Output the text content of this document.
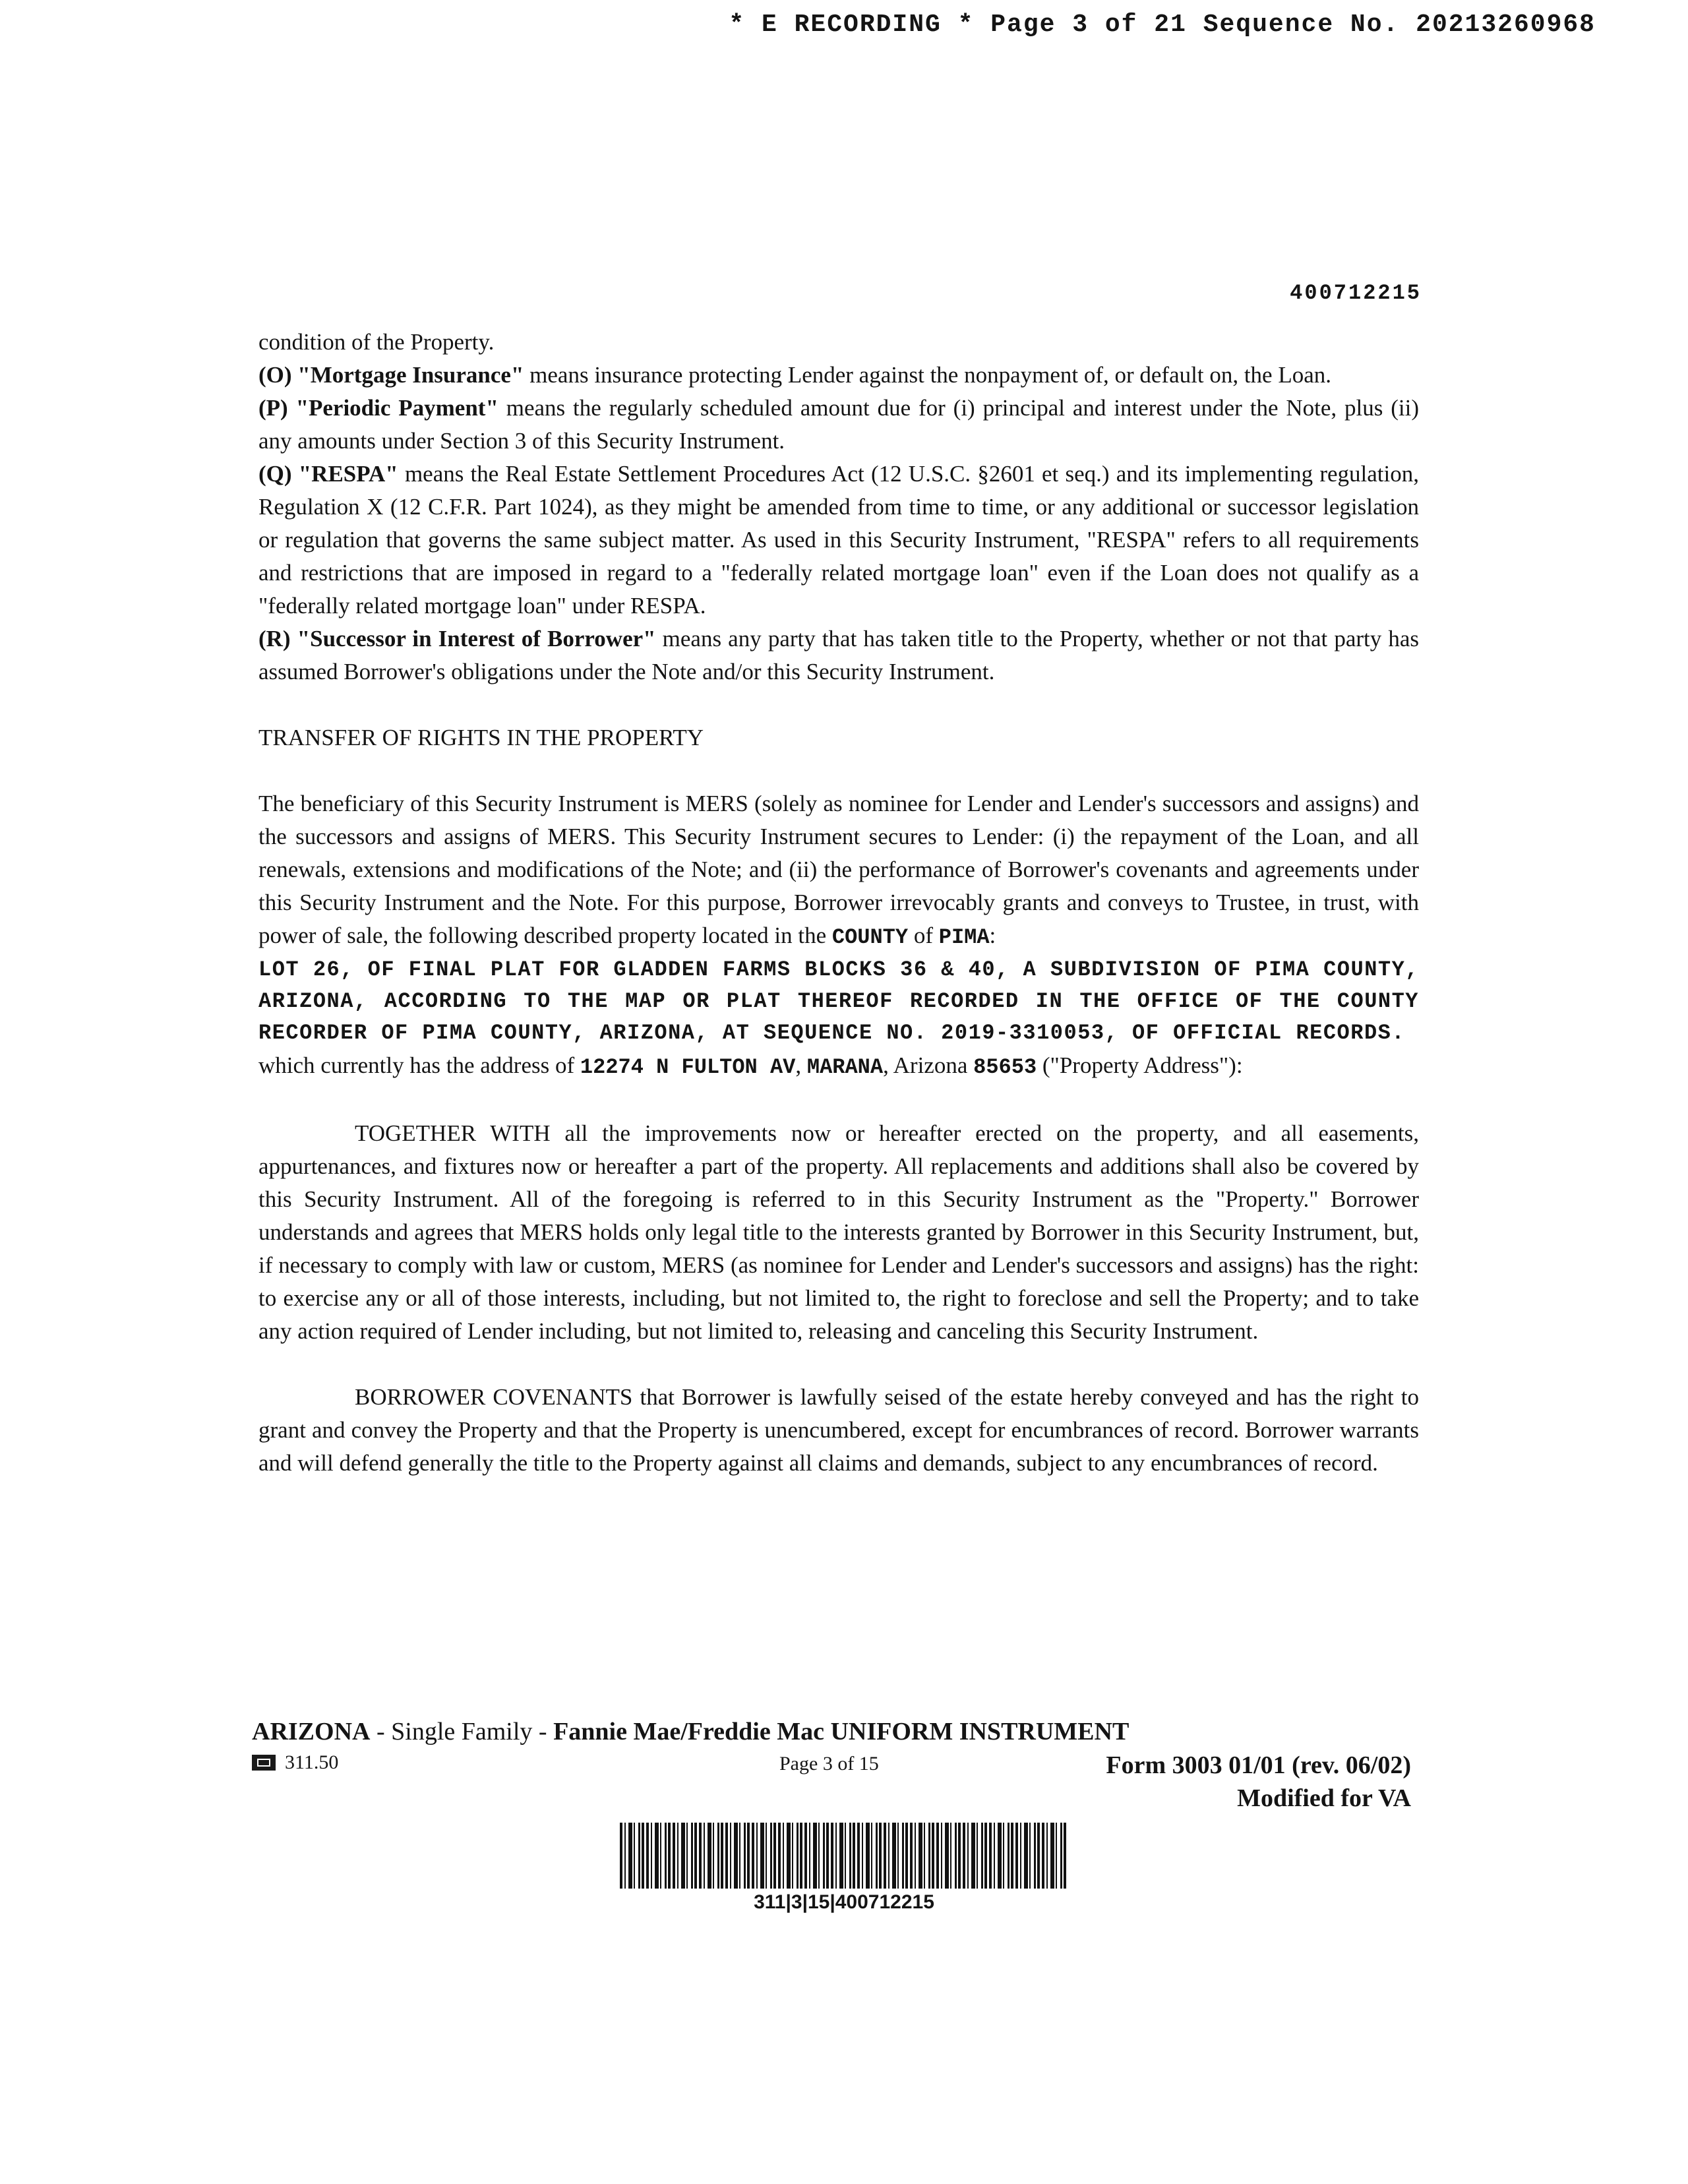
* E RECORDING * Page 3 of 21 Sequence No. 20213260968
400712215

condition of the Property.

(O) "Mortgage Insurance" means insurance protecting Lender against the nonpayment of, or default on, the Loan.

(P) "Periodic Payment" means the regularly scheduled amount due for (i) principal and interest under the Note, plus (ii) any amounts under Section 3 of this Security Instrument.

(Q) "RESPA" means the Real Estate Settlement Procedures Act (12 U.S.C. §2601 et seq.) and its implementing regulation, Regulation X (12 C.F.R. Part 1024), as they might be amended from time to time, or any additional or successor legislation or regulation that governs the same subject matter. As used in this Security Instrument, "RESPA" refers to all requirements and restrictions that are imposed in regard to a "federally related mortgage loan" even if the Loan does not qualify as a "federally related mortgage loan" under RESPA.

(R) "Successor in Interest of Borrower" means any party that has taken title to the Property, whether or not that party has assumed Borrower's obligations under the Note and/or this Security Instrument.

TRANSFER OF RIGHTS IN THE PROPERTY

The beneficiary of this Security Instrument is MERS (solely as nominee for Lender and Lender's successors and assigns) and the successors and assigns of MERS. This Security Instrument secures to Lender: (i) the repayment of the Loan, and all renewals, extensions and modifications of the Note; and (ii) the performance of Borrower's covenants and agreements under this Security Instrument and the Note. For this purpose, Borrower irrevocably grants and conveys to Trustee, in trust, with power of sale, the following described property located in the COUNTY of PIMA:

LOT 26, OF FINAL PLAT FOR GLADDEN FARMS BLOCKS 36 & 40, A SUBDIVISION OF PIMA COUNTY, ARIZONA, ACCORDING TO THE MAP OR PLAT THEREOF RECORDED IN THE OFFICE OF THE COUNTY RECORDER OF PIMA COUNTY, ARIZONA, AT SEQUENCE NO. 2019-3310053, OF OFFICIAL RECORDS.

which currently has the address of 12274 N FULTON AV, MARANA, Arizona 85653 ("Property Address"):

TOGETHER WITH all the improvements now or hereafter erected on the property, and all easements, appurtenances, and fixtures now or hereafter a part of the property. All replacements and additions shall also be covered by this Security Instrument. All of the foregoing is referred to in this Security Instrument as the "Property." Borrower understands and agrees that MERS holds only legal title to the interests granted by Borrower in this Security Instrument, but, if necessary to comply with law or custom, MERS (as nominee for Lender and Lender's successors and assigns) has the right: to exercise any or all of those interests, including, but not limited to, the right to foreclose and sell the Property; and to take any action required of Lender including, but not limited to, releasing and canceling this Security Instrument.

BORROWER COVENANTS that Borrower is lawfully seised of the estate hereby conveyed and has the right to grant and convey the Property and that the Property is unencumbered, except for encumbrances of record. Borrower warrants and will defend generally the title to the Property against all claims and demands, subject to any encumbrances of record.

ARIZONA - Single Family - Fannie Mae/Freddie Mac UNIFORM INSTRUMENT
311.50	Page 3 of 15	Form 3003 01/01 (rev. 06/02)
Modified for VA
311|3|15|400712215
